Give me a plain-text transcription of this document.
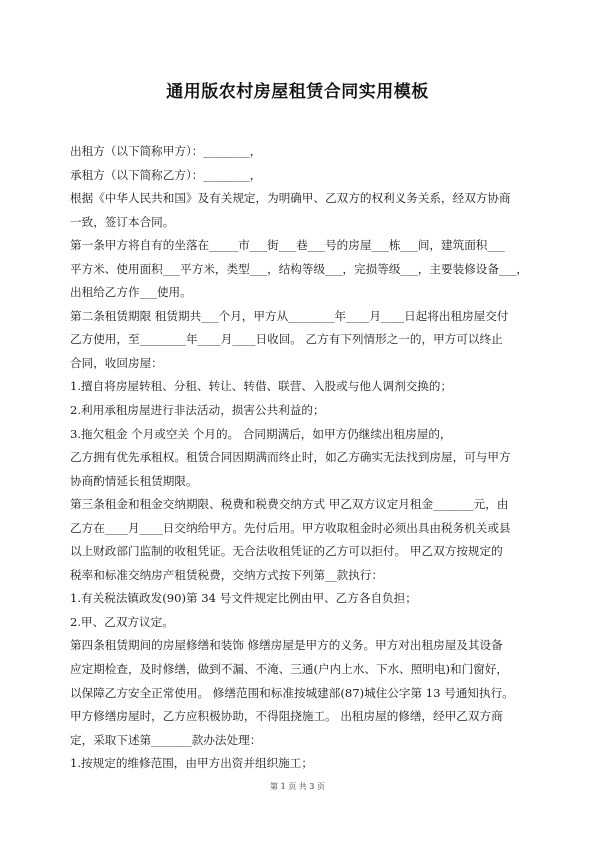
通用版农村房屋租赁合同实用模板
出租方（以下简称甲方）：________，
承租方（以下简称乙方）：________，
根据《中华人民共和国》及有关规定，为明确甲、乙双方的权利义务关系，经双方协商
一致，签订本合同。
第一条甲方将自有的坐落在_____市___街___巷___号的房屋___栋___间，建筑面积___
平方米、使用面积___平方米，类型___，结构等级___，完损等级___，主要装修设备___，
出租给乙方作___使用。
第二条租赁期限 租赁期共___个月，甲方从________年____月____日起将出租房屋交付
乙方使用，至________年____月____日收回。 乙方有下列情形之一的，甲方可以终止
合同，收回房屋：
1.擅自将房屋转租、分租、转让、转借、联营、入股或与他人调剂交换的；
2.利用承租房屋进行非法活动，损害公共利益的；
3.拖欠租金 个月或空关 个月的。 合同期满后，如甲方仍继续出租房屋的，
乙方拥有优先承租权。租赁合同因期满而终止时，如乙方确实无法找到房屋，可与甲方
协商酌情延长租赁期限。
第三条租金和租金交纳期限、税费和税费交纳方式 甲乙双方议定月租金_______元，由
乙方在____月____日交纳给甲方。先付后用。甲方收取租金时必须出具由税务机关或县
以上财政部门监制的收租凭证。无合法收租凭证的乙方可以拒付。 甲乙双方按规定的
税率和标准交纳房产租赁税费，交纳方式按下列第__款执行：
1.有关税法镇政发(90)第 34 号文件规定比例由甲、乙方各自负担；
2.甲、乙双方议定。
第四条租赁期间的房屋修缮和装饰 修缮房屋是甲方的义务。甲方对出租房屋及其设备
应定期检查，及时修缮，做到不漏、不淹、三通(户内上水、下水、照明电)和门窗好，
以保障乙方安全正常使用。 修缮范围和标准按城建部(87)城住公字第 13 号通知执行。
甲方修缮房屋时，乙方应积极协助，不得阻挠施工。 出租房屋的修缮，经甲乙双方商
定，采取下述第_______款办法处理：
1.按规定的维修范围，由甲方出资并组织施工；
第 1 页 共 3 页
